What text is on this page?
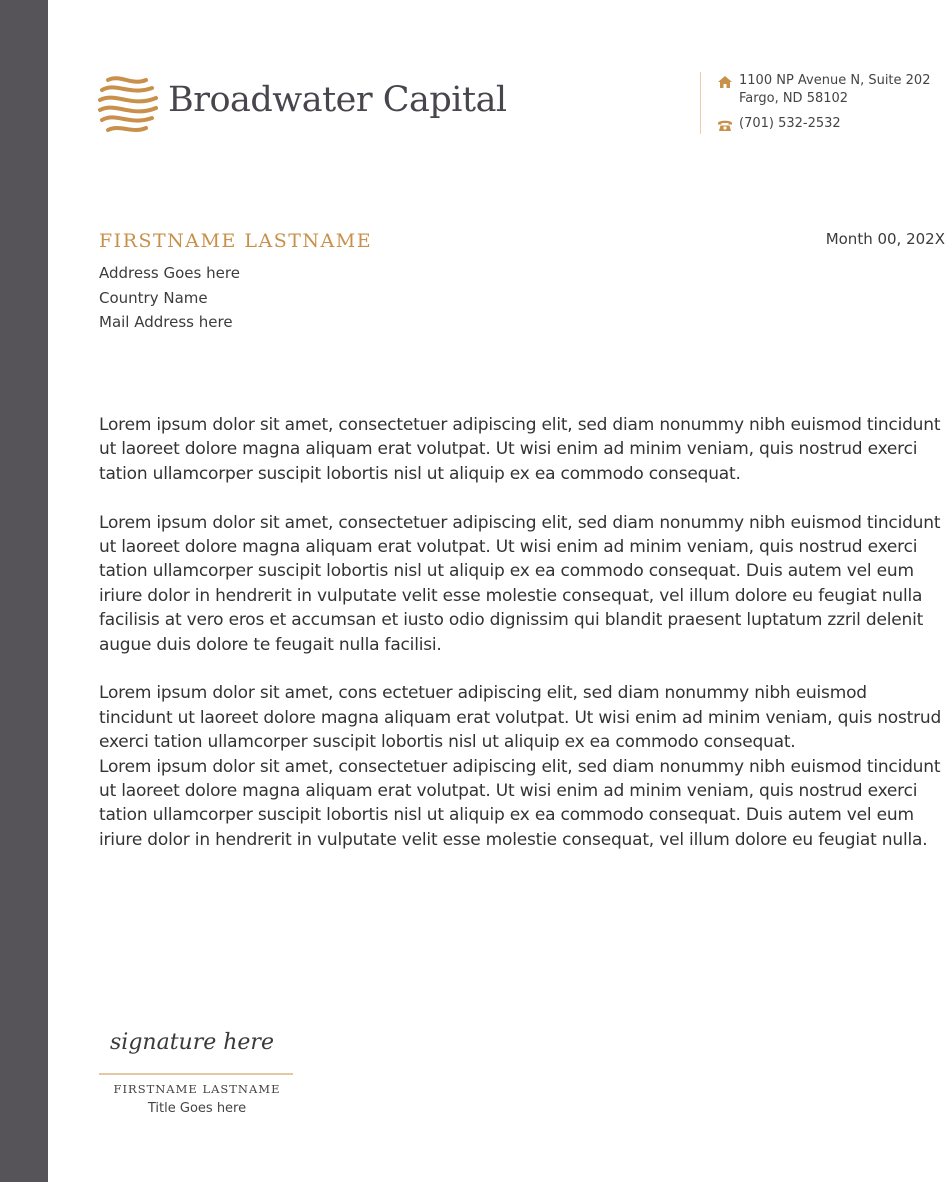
Broadwater Capital	1100 NP Avenue N, Suite 202
Fargo, ND 58102
(701) 532-2532
FIRSTNAME LASTNAME
Address Goes here
Country Name
Mail Address here
Month 00, 202X

Lorem ipsum dolor sit amet, consectetuer adipiscing elit, sed diam nonummy nibh euismod tincidunt ut laoreet dolore magna aliquam erat volutpat. Ut wisi enim ad minim veniam, quis nostrud exerci tation ullamcorper suscipit lobortis nisl ut aliquip ex ea commodo consequat.

Lorem ipsum dolor sit amet, consectetuer adipiscing elit, sed diam nonummy nibh euismod tincidunt ut laoreet dolore magna aliquam erat volutpat. Ut wisi enim ad minim veniam, quis nostrud exerci tation ullamcorper suscipit lobortis nisl ut aliquip ex ea commodo consequat. Duis autem vel eum iriure dolor in hendrerit in vulputate velit esse molestie consequat, vel illum dolore eu feugiat nulla facilisis at vero eros et accumsan et iusto odio dignissim qui blandit praesent luptatum zzril delenit augue duis dolore te feugait nulla facilisi.

Lorem ipsum dolor sit amet, cons ectetuer adipiscing elit, sed diam nonummy nibh euismod tincidunt ut laoreet dolore magna aliquam erat volutpat. Ut wisi enim ad minim veniam, quis nostrud exerci tation ullamcorper suscipit lobortis nisl ut aliquip ex ea commodo consequat.

Lorem ipsum dolor sit amet, consectetuer adipiscing elit, sed diam nonummy nibh euismod tincidunt ut laoreet dolore magna aliquam erat volutpat. Ut wisi enim ad minim veniam, quis nostrud exerci tation ullamcorper suscipit lobortis nisl ut aliquip ex ea commodo consequat. Duis autem vel eum iriure dolor in hendrerit in vulputate velit esse molestie consequat, vel illum dolore eu feugiat nulla.

signature here
FIRSTNAME LASTNAME
Title Goes here
